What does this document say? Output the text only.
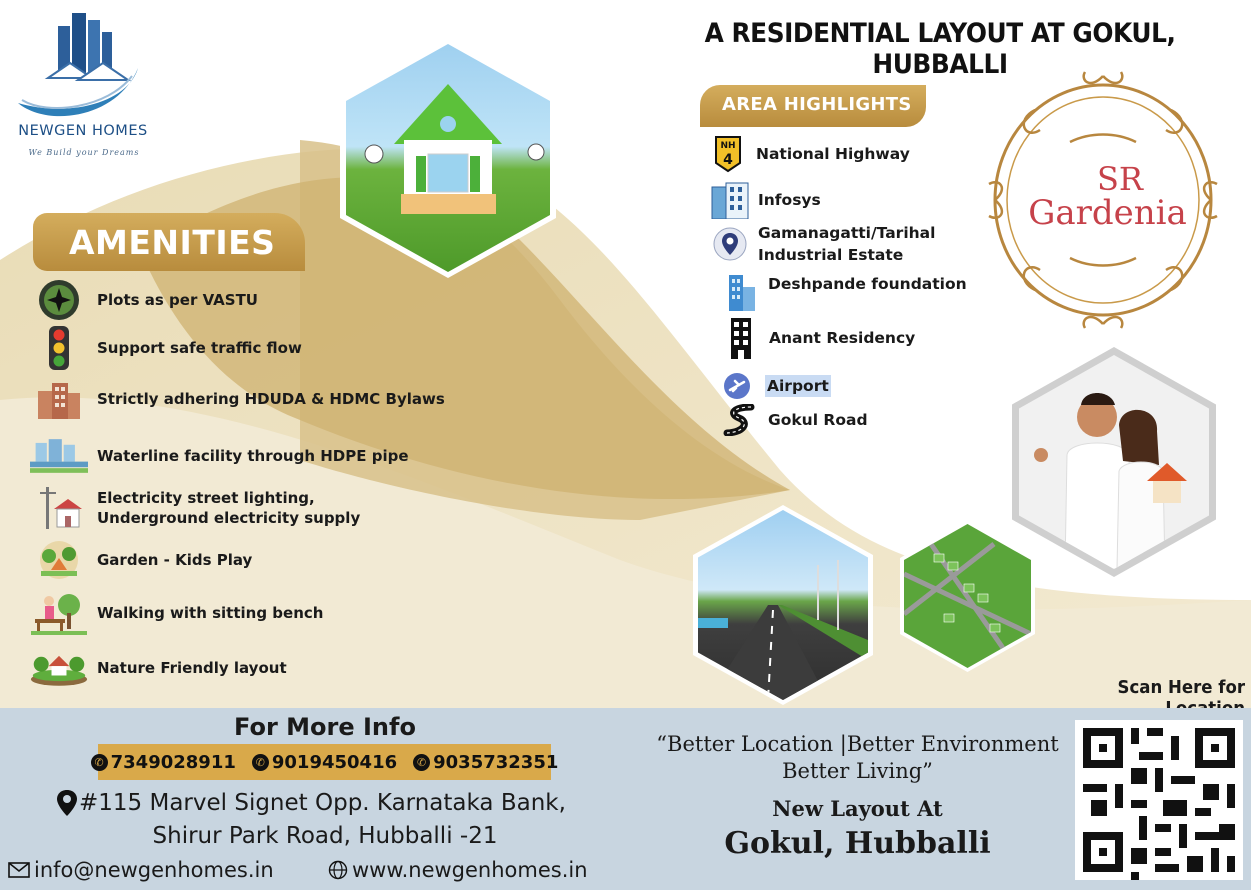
NEWGEN HOMES
We Build your Dreams
A RESIDENTIAL LAYOUT AT GOKUL, HUBBALLI
AMENITIES
Plots as per VASTU
Support safe traffic flow
Strictly adhering HDUDA & HDMC Bylaws
Waterline facility through HDPE pipe
Electricity street lighting, Underground electricity supply
Garden - Kids Play
Walking with sitting bench
Nature Friendly layout
AREA HIGHLIGHTS
NH
4	National Highway
Infosys
Gamanagatti/Tarihal Industrial Estate
Deshpande foundation
Anant Residency
Airport
Gokul Road
SR
Gardenia
Scan Here for
For More Info
✆ 7349028911	✆ 9019450416	✆ 9035732351
#115 Marvel Signet Opp. Karnataka Bank,
Shirur Park Road, Hubballi -21
info@newgenhomes.in	www.newgenhomes.in
“Better Location |Better Environment
Better Living”
New Layout At
Gokul, Hubballi
